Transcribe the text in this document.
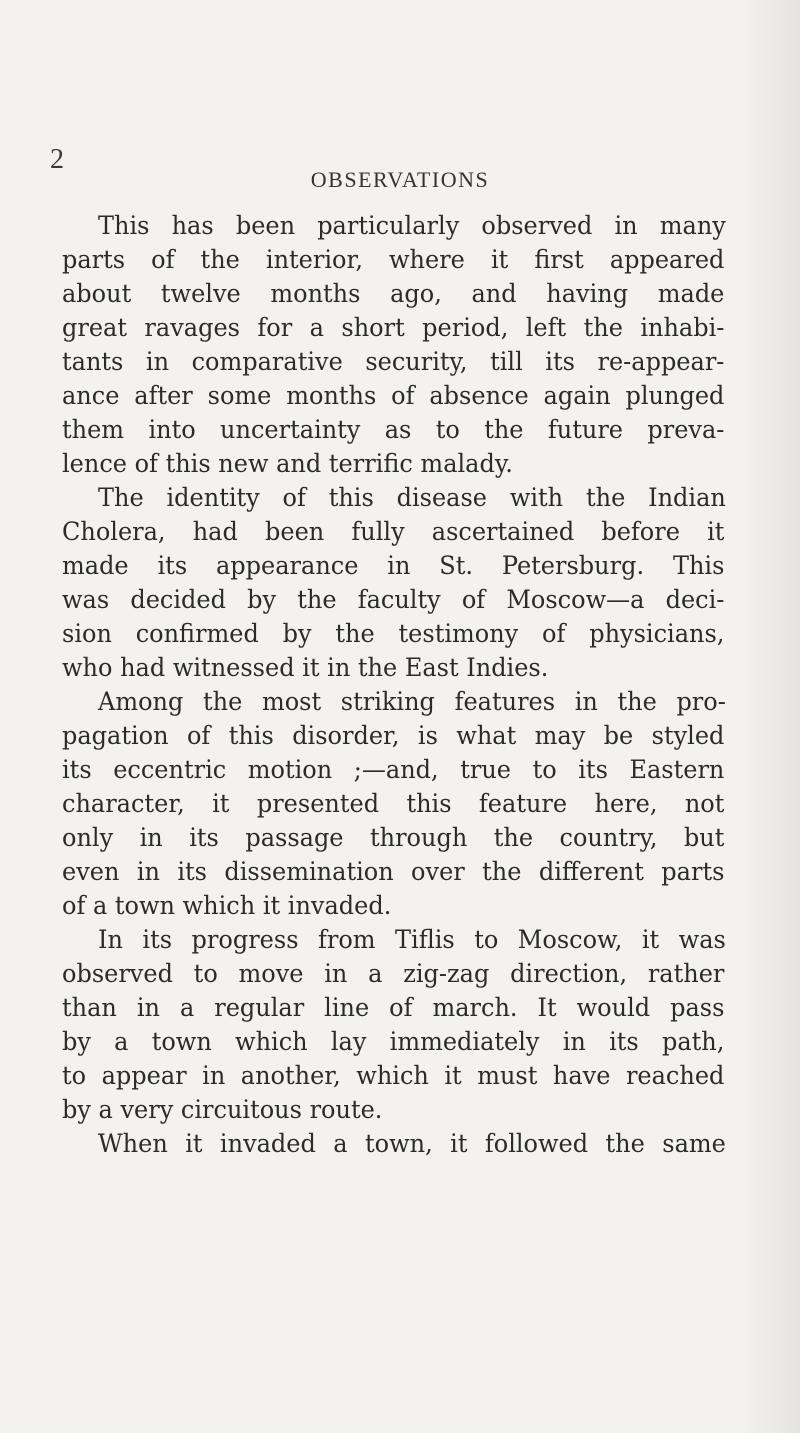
2
OBSERVATIONS
This has been particularly observed in many
parts of the interior, where it first appeared
about twelve months ago, and having made
great ravages for a short period, left the inhabi-
tants in comparative security, till its re-appear-
ance after some months of absence again plunged
them into uncertainty as to the future preva-
lence of this new and terrific malady.
The identity of this disease with the Indian
Cholera, had been fully ascertained before it
made its appearance in St. Petersburg. This
was decided by the faculty of Moscow—a deci-
sion confirmed by the testimony of physicians,
who had witnessed it in the East Indies.
Among the most striking features in the pro-
pagation of this disorder, is what may be styled
its eccentric motion ;—and, true to its Eastern
character, it presented this feature here, not
only in its passage through the country, but
even in its dissemination over the different parts
of a town which it invaded.
In its progress from Tiflis to Moscow, it was
observed to move in a zig-zag direction, rather
than in a regular line of march. It would pass
by a town which lay immediately in its path,
to appear in another, which it must have reached
by a very circuitous route.
When it invaded a town, it followed the same
